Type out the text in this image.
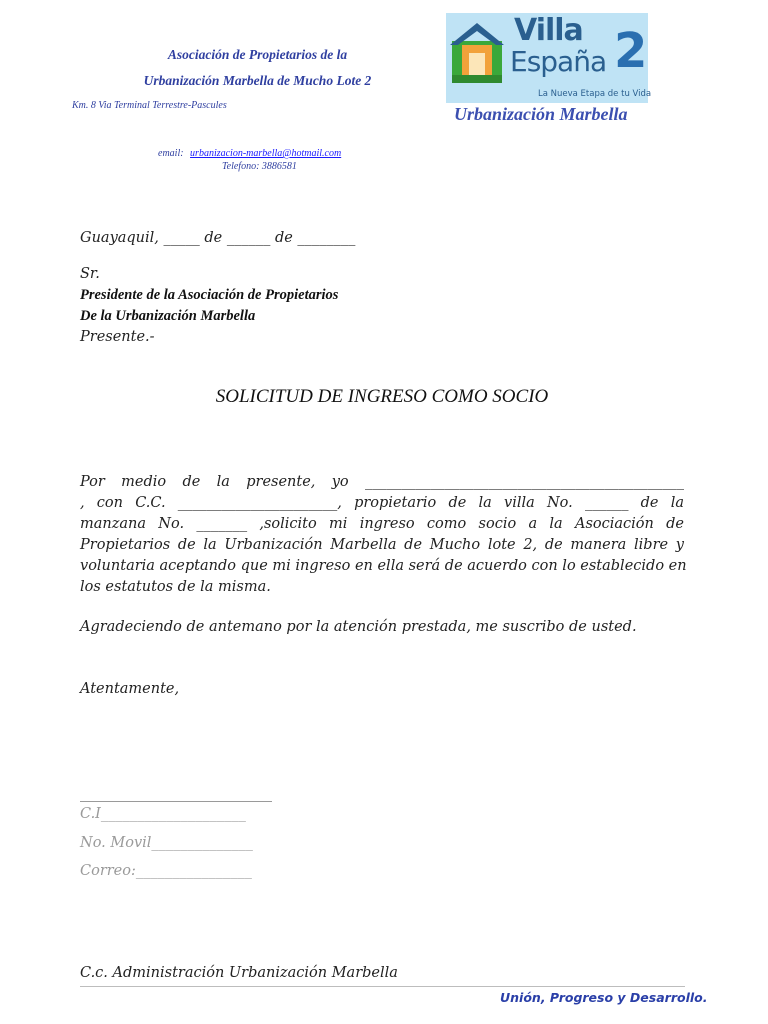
Asociación de Propietarios de la
Urbanización Marbella de Mucho Lote 2
Km. 8 Via Terminal Terrestre-Pascules
email: urbanizacion-marbella@hotmail.com
Telefono: 3886581
Villa
España 2
La Nueva Etapa de tu Vida
Urbanización Marbella
Guayaquil, _____ de ______ de ________
Sr.
Presidente de la Asociación de Propietarios
De la Urbanización Marbella
Presente.-
SOLICITUD DE INGRESO COMO SOCIO
Por medio de la presente, yo ____________________________________________
, con C.C. ______________________, propietario de la villa No. ______ de la
manzana No. _______ ,solicito mi ingreso como socio a la Asociación de
Propietarios de la Urbanización Marbella de Mucho lote 2, de manera libre y
voluntaria aceptando que mi ingreso en ella será de acuerdo con lo establecido en
los estatutos de la misma.
Agradeciendo de antemano por la atención prestada, me suscribo de usted.
Atentamente,
C.I____________________
No. Movil______________
Correo:________________
C.c. Administración Urbanización Marbella
Unión, Progreso y Desarrollo.
